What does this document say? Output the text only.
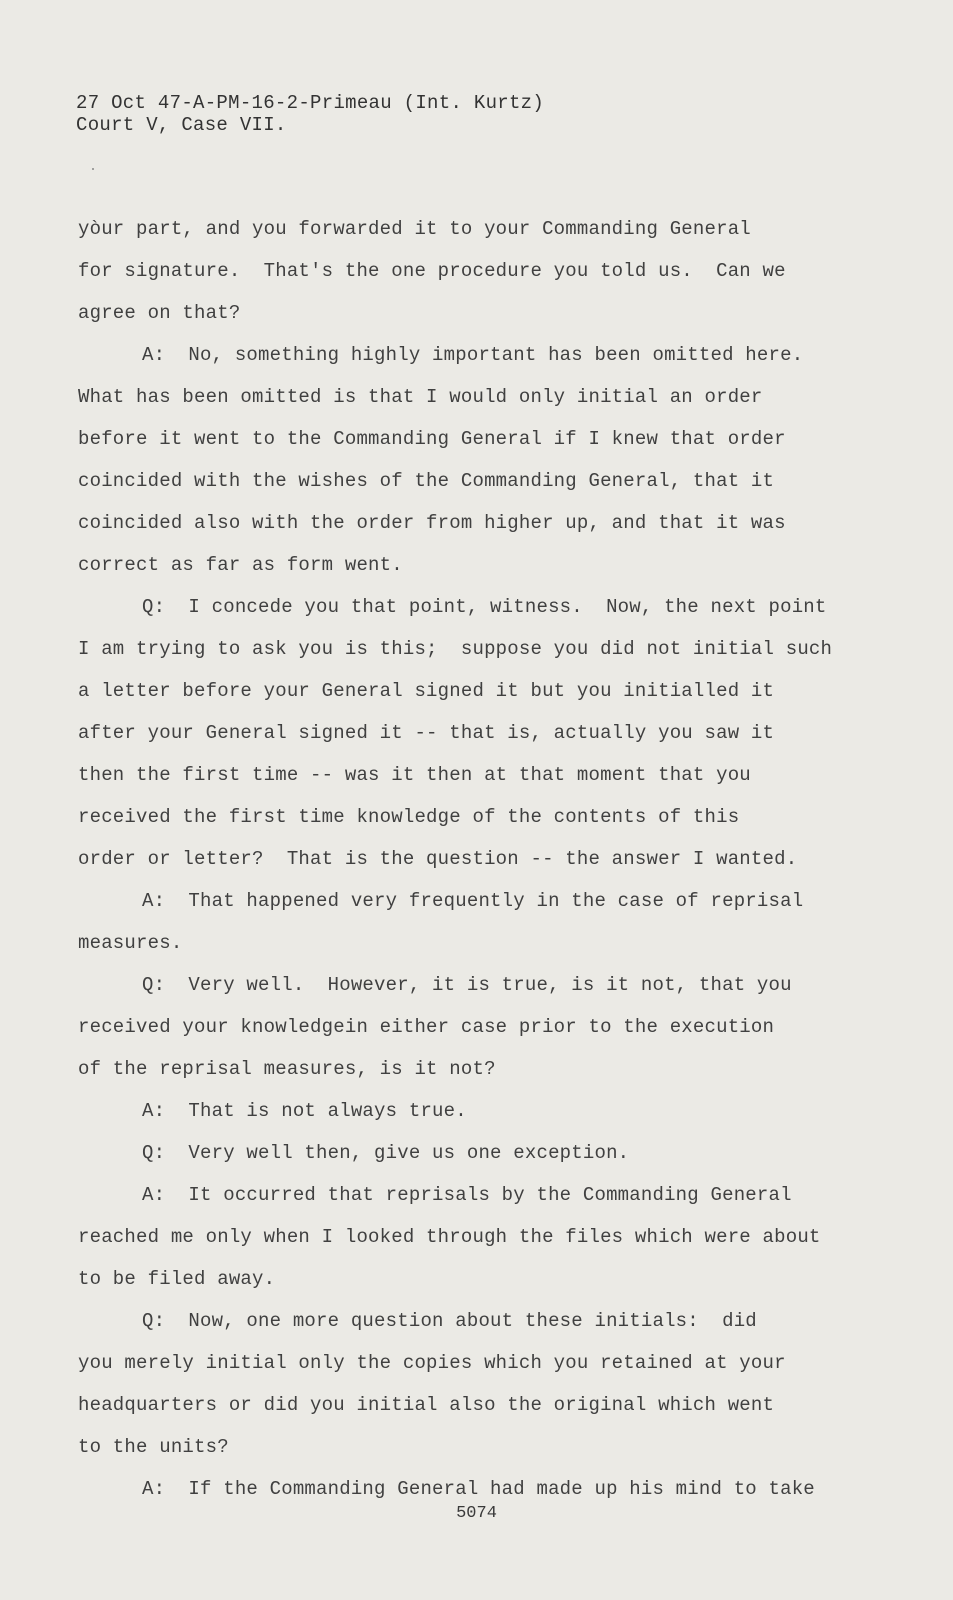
27 Oct 47-A-PM-16-2-Primeau (Int. Kurtz)
Court V, Case VII.
yòur part, and you forwarded it to your Commanding General
for signature.  That's the one procedure you told us.  Can we
agree on that?
A:  No, something highly important has been omitted here.
What has been omitted is that I would only initial an order
before it went to the Commanding General if I knew that order
coincided with the wishes of the Commanding General, that it
coincided also with the order from higher up, and that it was
correct as far as form went.
Q:  I concede you that point, witness.  Now, the next point
I am trying to ask you is this;  suppose you did not initial such
a letter before your General signed it but you initialled it
after your General signed it -- that is, actually you saw it
then the first time -- was it then at that moment that you
received the first time knowledge of the contents of this
order or letter?  That is the question -- the answer I wanted.
A:  That happened very frequently in the case of reprisal
measures.
Q:  Very well.  However, it is true, is it not, that you
received your knowledgein either case prior to the execution
of the reprisal measures, is it not?
A:  That is not always true.
Q:  Very well then, give us one exception.
A:  It occurred that reprisals by the Commanding General
reached me only when I looked through the files which were about
to be filed away.
Q:  Now, one more question about these initials:  did
you merely initial only the copies which you retained at your
headquarters or did you initial also the original which went
to the units?
A:  If the Commanding General had made up his mind to take
5074
